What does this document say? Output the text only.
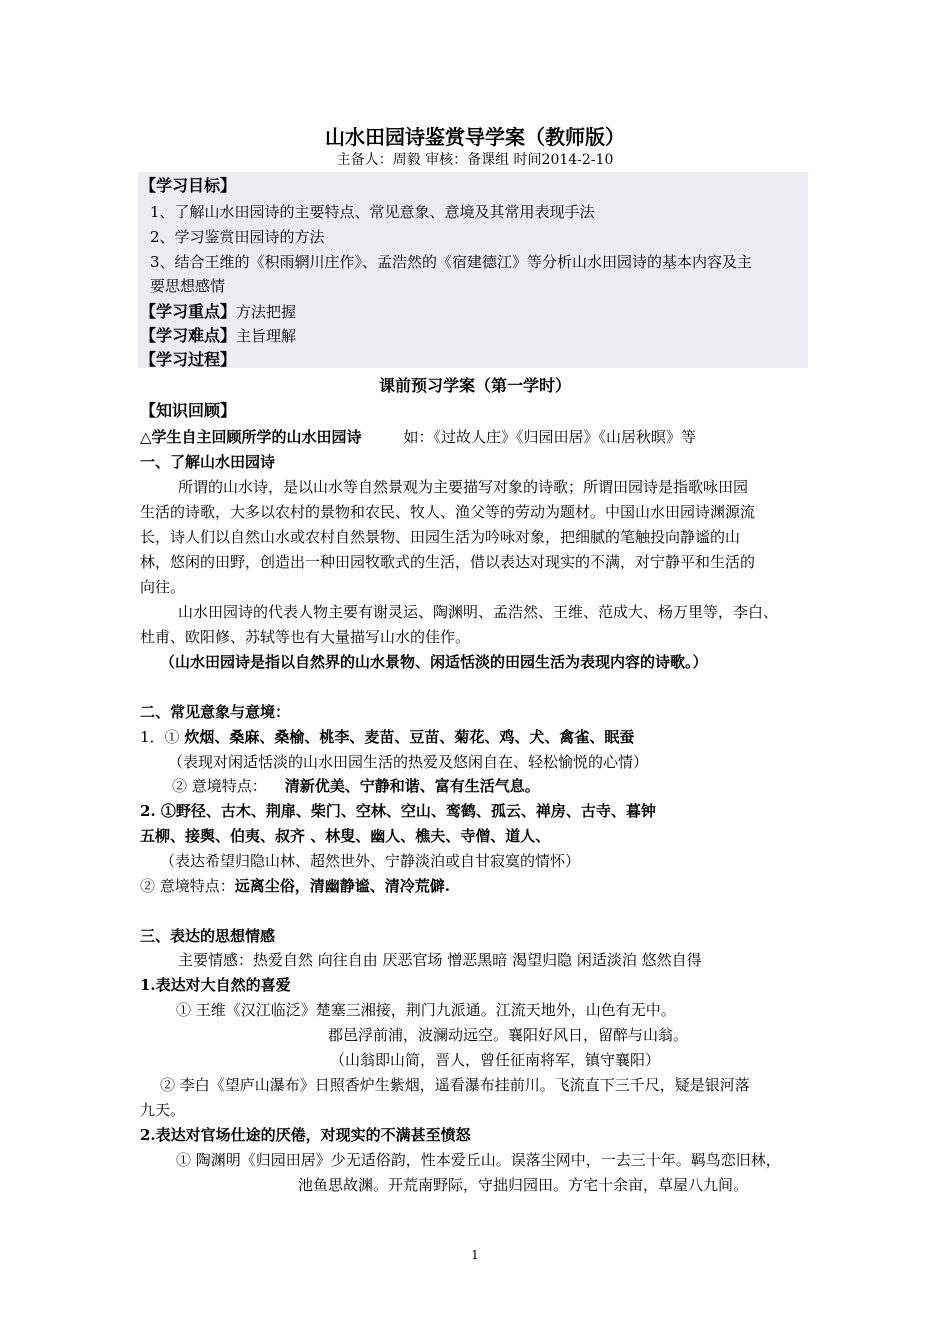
山水田园诗鉴赏导学案（教师版）
主备人：周毅 审核：备课组 时间2014-2-10
【学习目标】
1、了解山水田园诗的主要特点、常见意象、意境及其常用表现手法
2、学习鉴赏田园诗的方法
3、结合王维的《积雨辋川庄作》、孟浩然的《宿建德江》等分析山水田园诗的基本内容及主
要思想感情
【学习重点】方法把握
【学习难点】主旨理解
【学习过程】
课前预习学案（第一学时）
【知识回顾】
△学生自主回顾所学的山水田园诗	如：《过故人庄》《归园田居》《山居秋暝》等
一、了解山水田园诗
所谓的山水诗，是以山水等自然景观为主要描写对象的诗歌；所谓田园诗是指歌咏田园
生活的诗歌，大多以农村的景物和农民、牧人、渔父等的劳动为题材。中国山水田园诗渊源流
长，诗人们以自然山水或农村自然景物、田园生活为吟咏对象，把细腻的笔触投向静谧的山
林，悠闲的田野，创造出一种田园牧歌式的生活，借以表达对现实的不满，对宁静平和生活的
向往。
山水田园诗的代表人物主要有谢灵运、陶渊明、孟浩然、王维、范成大、杨万里等，李白、
杜甫、欧阳修、苏轼等也有大量描写山水的佳作。
（山水田园诗是指以自然界的山水景物、闲适恬淡的田园生活为表现内容的诗歌。）
二、常见意象与意境：
1．① 炊烟、桑麻、桑榆、桃李、麦苗、豆苗、菊花、鸡、犬、禽雀、眠蚕
（表现对闲适恬淡的山水田园生活的热爱及悠闲自在、轻松愉悦的心情）
② 意境特点： 清新优美、宁静和谐、富有生活气息。
2. ①野径、古木、荆扉、柴门、空林、空山、鸾鹤、孤云、禅房、古寺、暮钟
五柳、接舆、伯夷、叔齐 、林叟、幽人、樵夫、寺僧、道人、
（表达希望归隐山林、超然世外、宁静淡泊或自甘寂寞的情怀）
② 意境特点：远离尘俗，清幽静谧、清冷荒僻.
三、表达的思想情感
主要情感：热爱自然 向往自由 厌恶官场 憎恶黑暗 渴望归隐 闲适淡泊 悠然自得
1.表达对大自然的喜爱
① 王维《汉江临泛》楚塞三湘接，荆门九派通。江流天地外，山色有无中。
郡邑浮前浦，波澜动远空。襄阳好风日，留醉与山翁。
（山翁即山简，晋人，曾任征南将军，镇守襄阳）
② 李白《望庐山瀑布》日照香炉生紫烟，遥看瀑布挂前川。飞流直下三千尺，疑是银河落
九天。
2.表达对官场仕途的厌倦，对现实的不满甚至愤怒
① 陶渊明《归园田居》少无适俗韵，性本爱丘山。误落尘网中，一去三十年。羁鸟恋旧林，
池鱼思故渊。开荒南野际，守拙归园田。方宅十余亩，草屋八九间。
1
